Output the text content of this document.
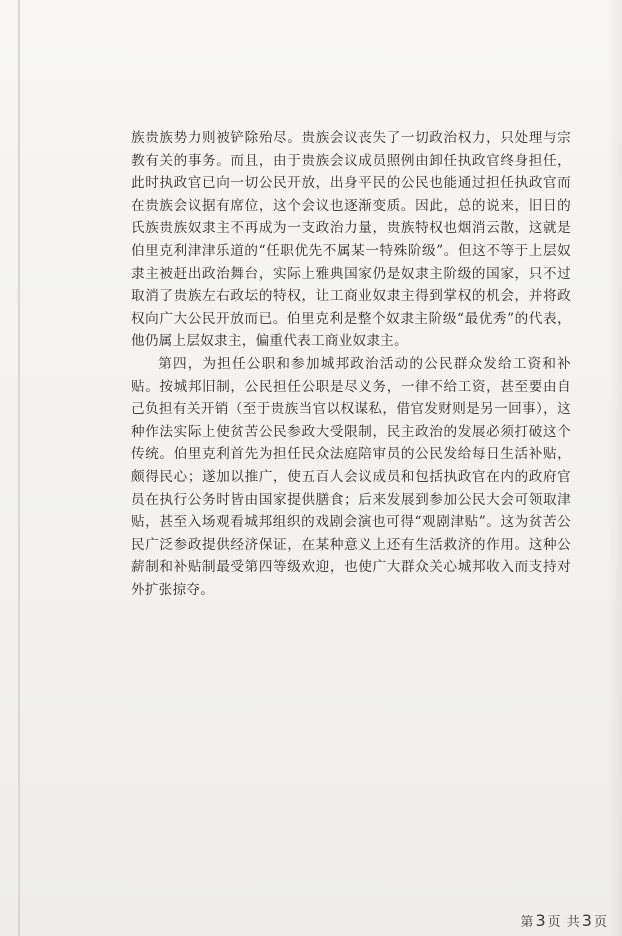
族贵族势力则被铲除殆尽。贵族会议丧失了一切政治权力，只处理与宗教有关的事务。而且，由于贵族会议成员照例由卸任执政官终身担任，此时执政官已向一切公民开放，出身平民的公民也能通过担任执政官而在贵族会议据有席位，这个会议也逐渐变质。因此，总的说来，旧日的氏族贵族奴隶主不再成为一支政治力量，贵族特权也烟消云散，这就是伯里克利津津乐道的“任职优先不属某一特殊阶级”。但这不等于上层奴隶主被赶出政治舞台，实际上雅典国家仍是奴隶主阶级的国家，只不过取消了贵族左右政坛的特权，让工商业奴隶主得到掌权的机会，并将政权向广大公民开放而已。伯里克利是整个奴隶主阶级“最优秀”的代表，他仍属上层奴隶主，偏重代表工商业奴隶主。

第四，为担任公职和参加城邦政治活动的公民群众发给工资和补贴。按城邦旧制，公民担任公职是尽义务，一律不给工资，甚至要由自己负担有关开销（至于贵族当官以权谋私，借官发财则是另一回事），这种作法实际上使贫苦公民参政大受限制，民主政治的发展必须打破这个传统。伯里克利首先为担任民众法庭陪审员的公民发给每日生活补贴，颇得民心；遂加以推广，使五百人会议成员和包括执政官在内的政府官员在执行公务时皆由国家提供膳食；后来发展到参加公民大会可领取津贴，甚至入场观看城邦组织的戏剧会演也可得“观剧津贴”。这为贫苦公民广泛参政提供经济保证，在某种意义上还有生活救济的作用。这种公薪制和补贴制最受第四等级欢迎，也使广大群众关心城邦收入而支持对外扩张掠夺。

第3页 共3页
